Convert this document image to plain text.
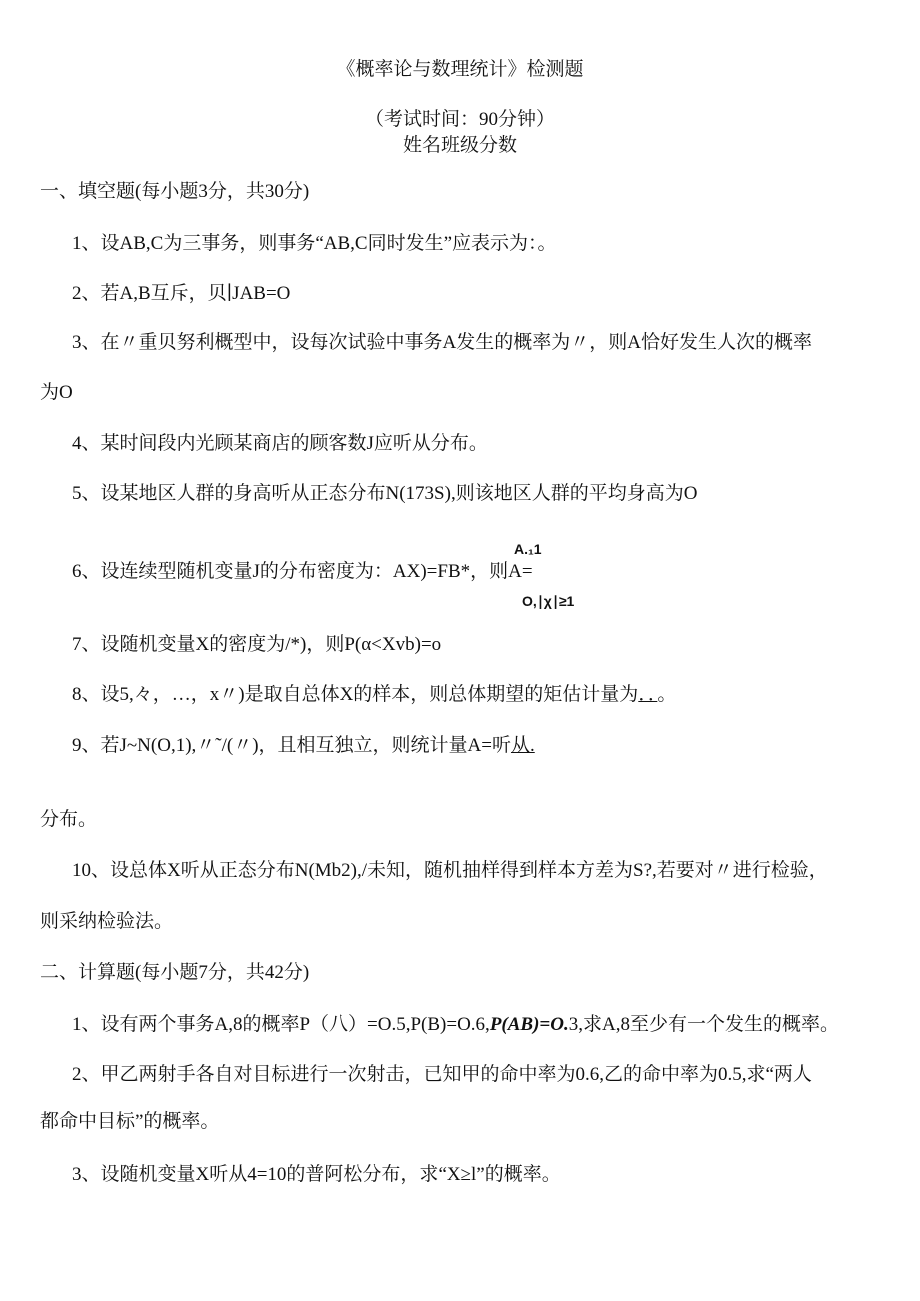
《概率论与数理统计》检测题
（考试时间：90分钟）
姓名班级分数
一、填空题(每小题3分，共30分)
1、设AB,C为三事务，则事务“AB,C同时发生”应表示为：。
2、若A,B互斥，贝∣JAB=O
3、在〃重贝努利概型中，设每次试验中事务A发生的概率为〃，则A恰好发生人次的概率
为O
4、某时间段内光顾某商店的顾客数J应听从分布。
5、设某地区人群的身高听从正态分布N(173S),则该地区人群的平均身高为O
A.₁1
6、设连续型随机变量J的分布密度为：AX)=FB*，则A=
O,∣χ∣≥1
7、设随机变量X的密度为/*)，则P(α<Xvb)=o
8、设5,々，…，x〃)是取自总体X的样本，则总体期望的矩估计量为．．。
9、若J~N(O,1),〃˜/(〃)，且相互独立，则统计量A=听从.
分布。
10、设总体X听从正态分布N(Mb2),/未知，随机抽样得到样本方差为S?,若要对〃进行检验，
则采纳检验法。
二、计算题(每小题7分，共42分)
1、设有两个事务A,8的概率P（八）=O.5,P(B)=O.6,P(AB)=O.3,求A,8至少有一个发生的概率。
2、甲乙两射手各自对目标进行一次射击，已知甲的命中率为0.6,乙的命中率为0.5,求“两人
都命中目标”的概率。
3、设随机变量X听从4=10的普阿松分布，求“X≥l”的概率。
